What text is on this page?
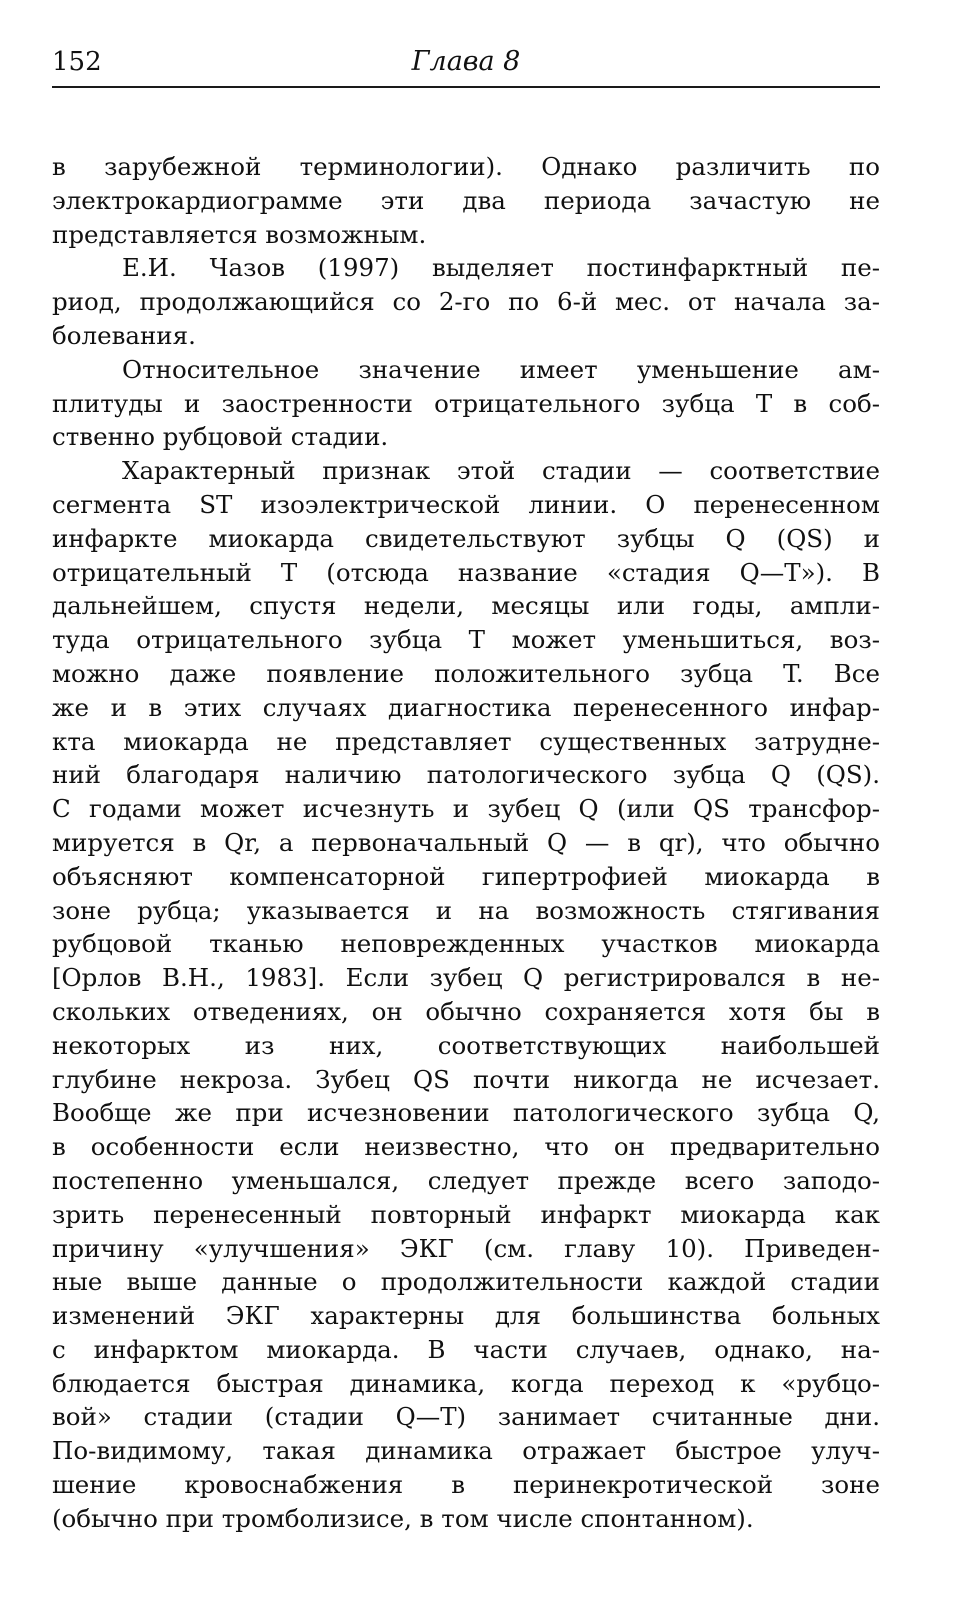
152	Глава 8
в зарубежной терминологии). Однако различить по
электрокардиограмме эти два периода зачастую не
представляется возможным.
Е.И. Чазов (1997) выделяет постинфарктный пе-
риод, продолжающийся со 2-го по 6-й мес. от начала за-
болевания.
Относительное значение имеет уменьшение ам-
плитуды и заостренности отрицательного зубца T в соб-
ственно рубцовой стадии.
Характерный признак этой стадии — соответствие
сегмента ST изоэлектрической линии. О перенесенном
инфаркте миокарда свидетельствуют зубцы Q (QS) и
отрицательный T (отсюда название «стадия Q—T»). В
дальнейшем, спустя недели, месяцы или годы, ампли-
туда отрицательного зубца T может уменьшиться, воз-
можно даже появление положительного зубца T. Все
же и в этих случаях диагностика перенесенного инфар-
кта миокарда не представляет существенных затрудне-
ний благодаря наличию патологического зубца Q (QS).
С годами может исчезнуть и зубец Q (или QS трансфор-
мируется в Qr, а первоначальный Q — в qr), что обычно
объясняют компенсаторной гипертрофией миокарда в
зоне рубца; указывается и на возможность стягивания
рубцовой тканью неповрежденных участков миокарда
[Орлов В.Н., 1983]. Если зубец Q регистрировался в не-
скольких отведениях, он обычно сохраняется хотя бы в
некоторых из них, соответствующих наибольшей
глубине некроза. Зубец QS почти никогда не исчезает.
Вообще же при исчезновении патологического зубца Q,
в особенности если неизвестно, что он предварительно
постепенно уменьшался, следует прежде всего заподо-
зрить перенесенный повторный инфаркт миокарда как
причину «улучшения» ЭКГ (см. главу 10). Приведен-
ные выше данные о продолжительности каждой стадии
изменений ЭКГ характерны для большинства больных
с инфарктом миокарда. В части случаев, однако, на-
блюдается быстрая динамика, когда переход к «рубцо-
вой» стадии (стадии Q—T) занимает считанные дни.
По-видимому, такая динамика отражает быстрое улуч-
шение кровоснабжения в перинекротической зоне
(обычно при тромболизисе, в том числе спонтанном).
